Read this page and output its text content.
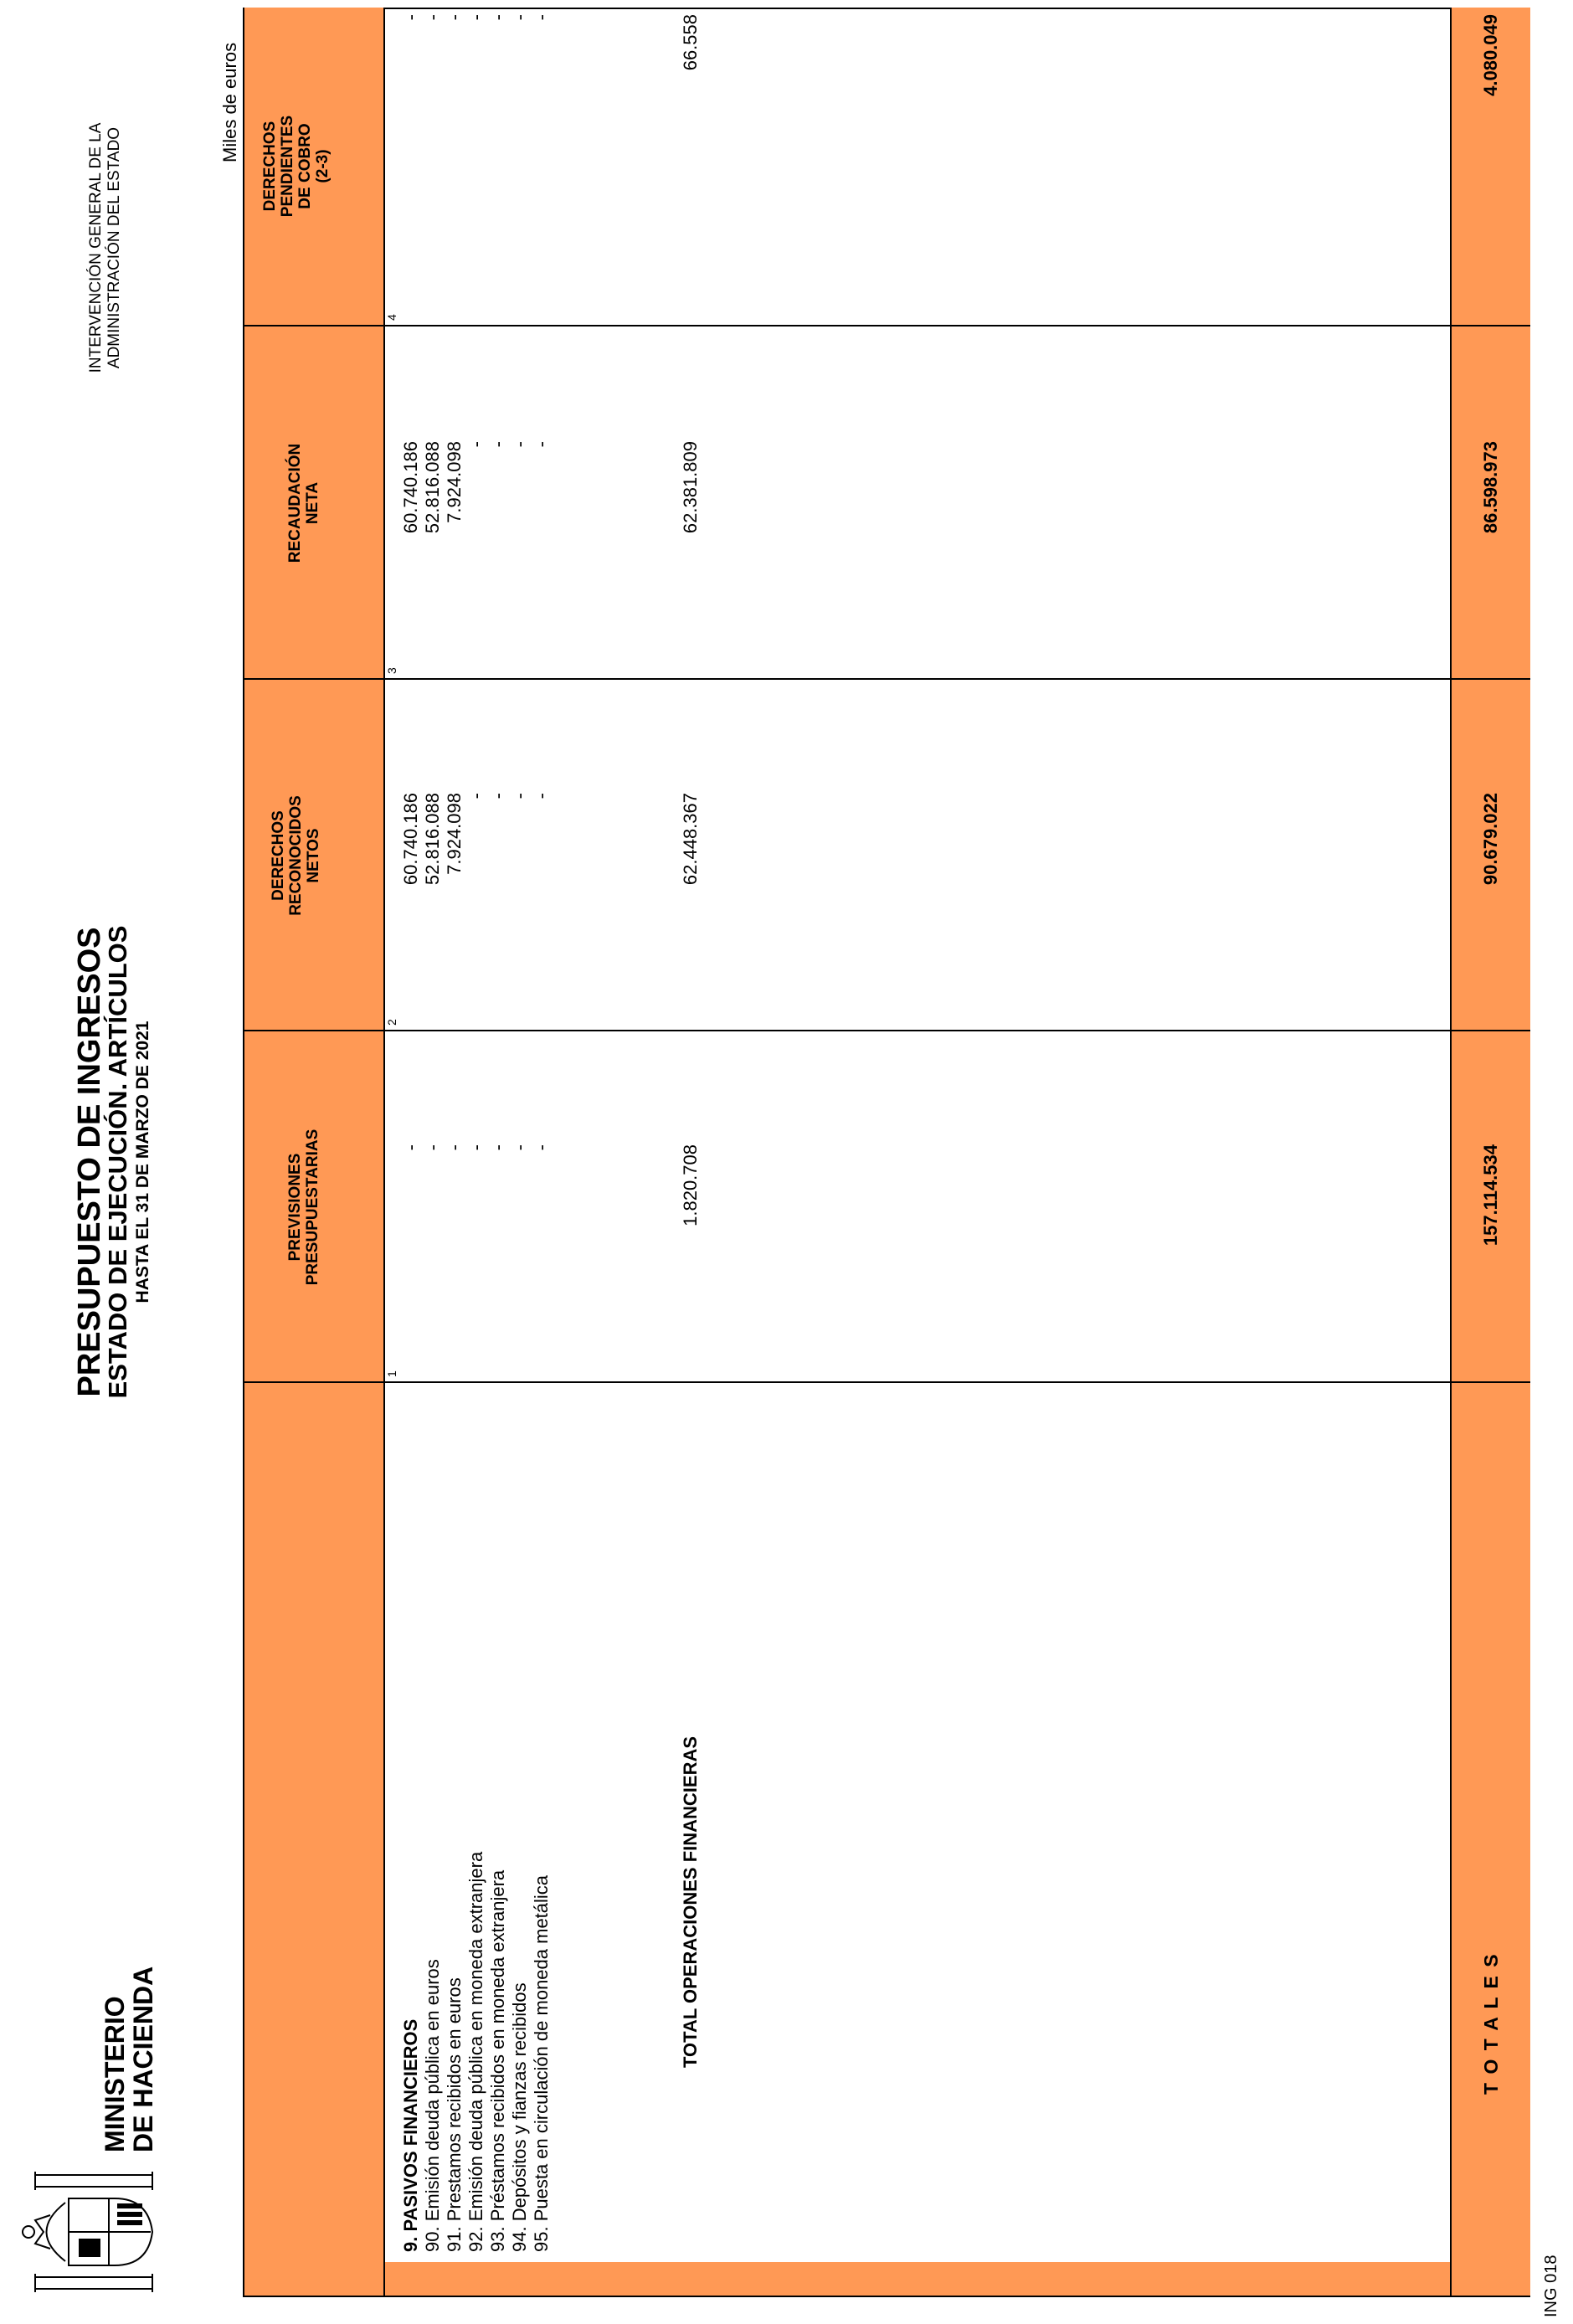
MINISTERIO
DE HACIENDA
PRESUPUESTO DE INGRESOS
ESTADO DE EJECUCIÓN. ARTÍCULOS HASTA EL 31 DE MARZO DE 2021
INTERVENCIÓN GENERAL DE LA ADMINISTRACIÓN DEL ESTADO
Miles de euros
PREVISIONES PRESUPUESTARIAS
DERECHOS RECONOCIDOS NETOS
RECAUDACIÓN NETA
DERECHOS PENDIENTES DE COBRO (2-3)
1
2
3
4
9. PASIVOS FINANCIEROS
-
60.740.186
60.740.186
-
90. Emisión deuda pública en euros
-
52.816.088
52.816.088
-
91. Prestamos recibidos en euros
-
7.924.098
7.924.098
-
92. Emisión deuda pública en moneda extranjera
-
-
-
-
93. Préstamos recibidos en moneda extranjera
-
-
-
-
94. Depósitos y fianzas recibidos
-
-
-
-
95. Puesta en circulación de moneda metálica
-
-
-
-
TOTAL OPERACIONES FINANCIERAS
1.820.708
62.448.367
62.381.809
66.558
T O T A L E S
157.114.534
90.679.022
86.598.973
4.080.049
ING 018
